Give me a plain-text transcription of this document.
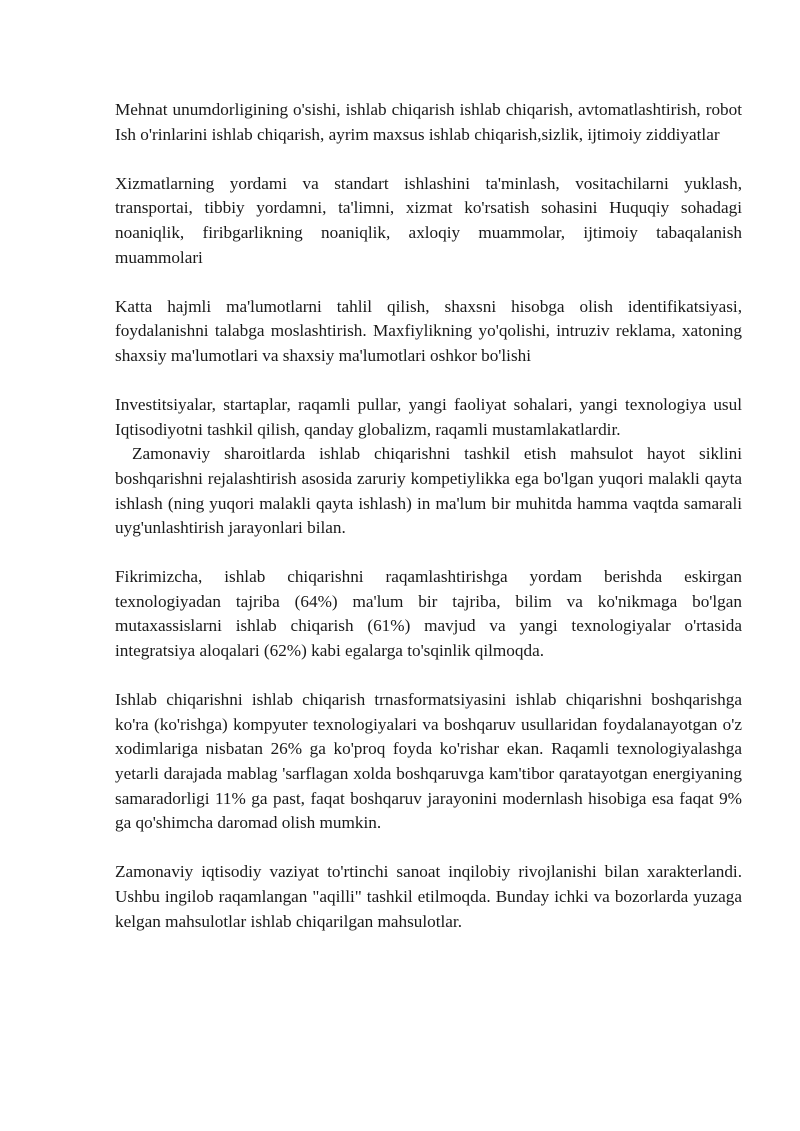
Mehnat unumdorligining o'sishi, ishlab chiqarish ishlab chiqarish, avtomatlashtirish, robot Ish o'rinlarini ishlab chiqarish, ayrim maxsus ishlab chiqarish,sizlik, ijtimoiy ziddiyatlar

Xizmatlarning yordami va standart ishlashini ta'minlash, vositachilarni yuklash, transportai, tibbiy yordamni, ta'limni, xizmat ko'rsatish sohasini Huquqiy sohadagi noaniqlik, firibgarlikning noaniqlik, axloqiy muammolar, ijtimoiy tabaqalanish muammolari

Katta hajmli ma'lumotlarni tahlil qilish, shaxsni hisobga olish identifikatsiyasi, foydalanishni talabga moslashtirish. Maxfiylikning yo'qolishi, intruziv reklama, xatoning shaxsiy ma'lumotlari va shaxsiy ma'lumotlari oshkor bo'lishi

Investitsiyalar, startaplar, raqamli pullar, yangi faoliyat sohalari, yangi texnologiya usul Iqtisodiyotni tashkil qilish, qanday globalizm, raqamli mustamlakatlardir.

Zamonaviy sharoitlarda ishlab chiqarishni tashkil etish mahsulot hayot siklini boshqarishni rejalashtirish asosida zaruriy kompetiylikka ega bo'lgan yuqori malakli qayta ishlash (ning yuqori malakli qayta ishlash) in ma'lum bir muhitda hamma vaqtda samarali uyg'unlashtirish jarayonlari bilan.

Fikrimizcha, ishlab chiqarishni raqamlashtirishga yordam berishda eskirgan texnologiyadan tajriba (64%) ma'lum bir tajriba, bilim va ko'nikmaga bo'lgan mutaxassislarni ishlab chiqarish (61%) mavjud va yangi texnologiyalar o'rtasida integratsiya aloqalari (62%) kabi egalarga to'sqinlik qilmoqda.

Ishlab chiqarishni ishlab chiqarish trnasformatsiyasini ishlab chiqarishni boshqarishga ko'ra (ko'rishga) kompyuter texnologiyalari va boshqaruv usullaridan foydalanayotgan o'z xodimlariga nisbatan 26% ga ko'proq foyda ko'rishar ekan. Raqamli texnologiyalashga yetarli darajada mablag 'sarflagan xolda boshqaruvga kam'tibor qaratayotgan energiyaning samaradorligi 11% ga past, faqat boshqaruv jarayonini modernlash hisobiga esa faqat 9% ga qo'shimcha daromad olish mumkin.

Zamonaviy iqtisodiy vaziyat to'rtinchi sanoat inqilobiy rivojlanishi bilan xarakterlandi. Ushbu ingilob raqamlangan "aqilli" tashkil etilmoqda. Bunday ichki va bozorlarda yuzaga kelgan mahsulotlar ishlab chiqarilgan mahsulotlar.
